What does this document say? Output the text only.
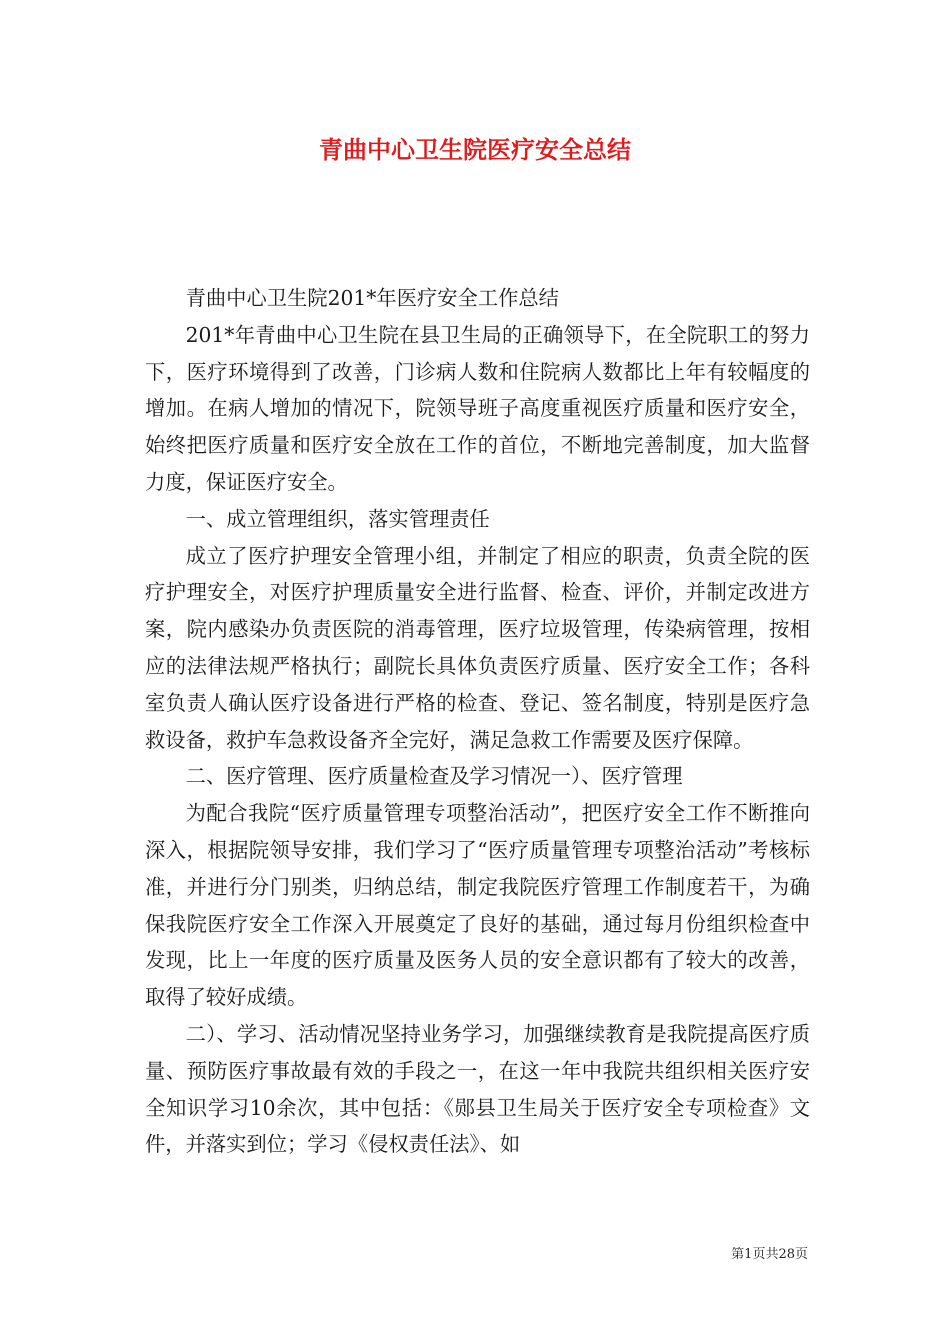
青曲中心卫生院医疗安全总结

青曲中心卫生院201*年医疗安全工作总结

201*年青曲中心卫生院在县卫生局的正确领导下，在全院职工的努力下，医疗环境得到了改善，门诊病人数和住院病人数都比上年有较幅度的增加。在病人增加的情况下，院领导班子高度重视医疗质量和医疗安全，始终把医疗质量和医疗安全放在工作的首位，不断地完善制度，加大监督力度，保证医疗安全。

一、成立管理组织，落实管理责任

成立了医疗护理安全管理小组，并制定了相应的职责，负责全院的医疗护理安全，对医疗护理质量安全进行监督、检查、评价，并制定改进方案，院内感染办负责医院的消毒管理，医疗垃圾管理，传染病管理，按相应的法律法规严格执行；副院长具体负责医疗质量、医疗安全工作；各科室负责人确认医疗设备进行严格的检查、登记、签名制度，特别是医疗急救设备，救护车急救设备齐全完好，满足急救工作需要及医疗保障。

二、医疗管理、医疗质量检查及学习情况一）、医疗管理

为配合我院“医疗质量管理专项整治活动”，把医疗安全工作不断推向深入，根据院领导安排，我们学习了“医疗质量管理专项整治活动”考核标准，并进行分门别类，归纳总结，制定我院医疗管理工作制度若干，为确保我院医疗安全工作深入开展奠定了良好的基础，通过每月份组织检查中发现，比上一年度的医疗质量及医务人员的安全意识都有了较大的改善，取得了较好成绩。

二）、学习、活动情况坚持业务学习，加强继续教育是我院提高医疗质量、预防医疗事故最有效的手段之一，在这一年中我院共组织相关医疗安全知识学习10余次，其中包括：《郧县卫生局关于医疗安全专项检查》文件，并落实到位；学习《侵权责任法》、如

第1页共28页
